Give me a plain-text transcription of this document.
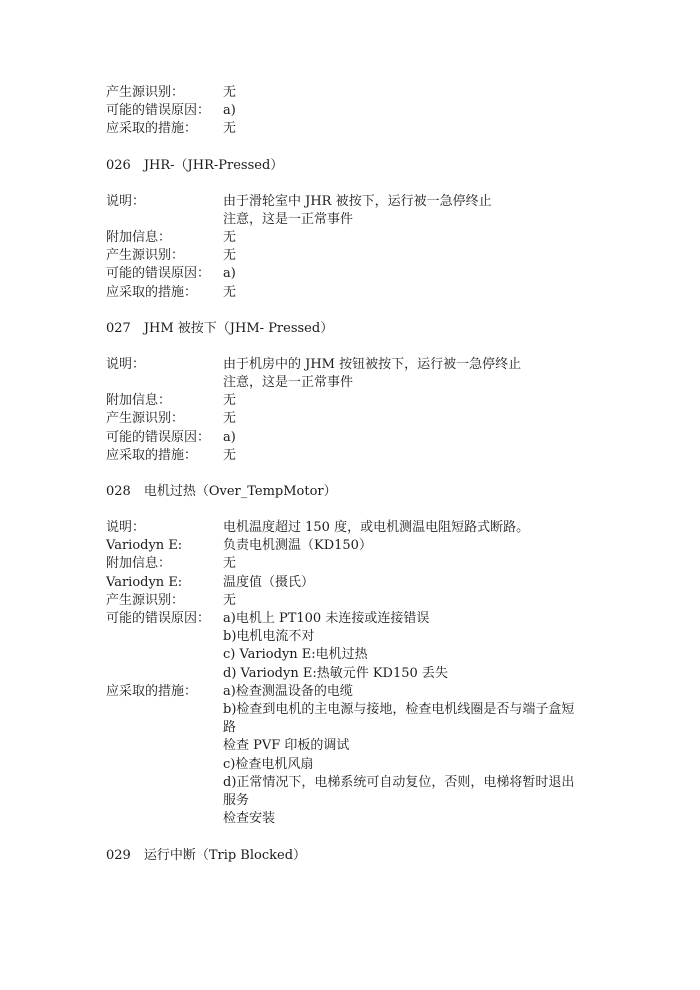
产生源识别：	无
可能的错误原因： a)
应采取的措施：	无
026　JHR-（JHR-Pressed）
说明：	由于滑轮室中 JHR 被按下，运行被一急停终止
注意，这是一正常事件
附加信息：	无
产生源识别：	无
可能的错误原因： a)
应采取的措施：	无
027　JHM 被按下（JHM- Pressed）
说明：	由于机房中的 JHM 按钮被按下，运行被一急停终止
注意，这是一正常事件
附加信息：	无
产生源识别：	无
可能的错误原因： a)
应采取的措施：	无
028　电机过热（Over_TempMotor）
说明：	电机温度超过 150 度，或电机测温电阻短路式断路。
Variodyn E:	负责电机测温（KD150）
附加信息：	无
Variodyn E:	温度值（摄氏）
产生源识别：	无
可能的错误原因： a)电机上 PT100 未连接或连接错误
b)电机电流不对
c) Variodyn E:电机过热
d) Variodyn E:热敏元件 KD150 丢失
应采取的措施：	a)检查测温设备的电缆
b)检查到电机的主电源与接地，检查电机线圈是否与端子盒短
路
检查 PVF 印板的调试
c)检查电机风扇
d)正常情况下，电梯系统可自动复位，否则，电梯将暂时退出
服务
检查安装
029　运行中断（Trip Blocked）
